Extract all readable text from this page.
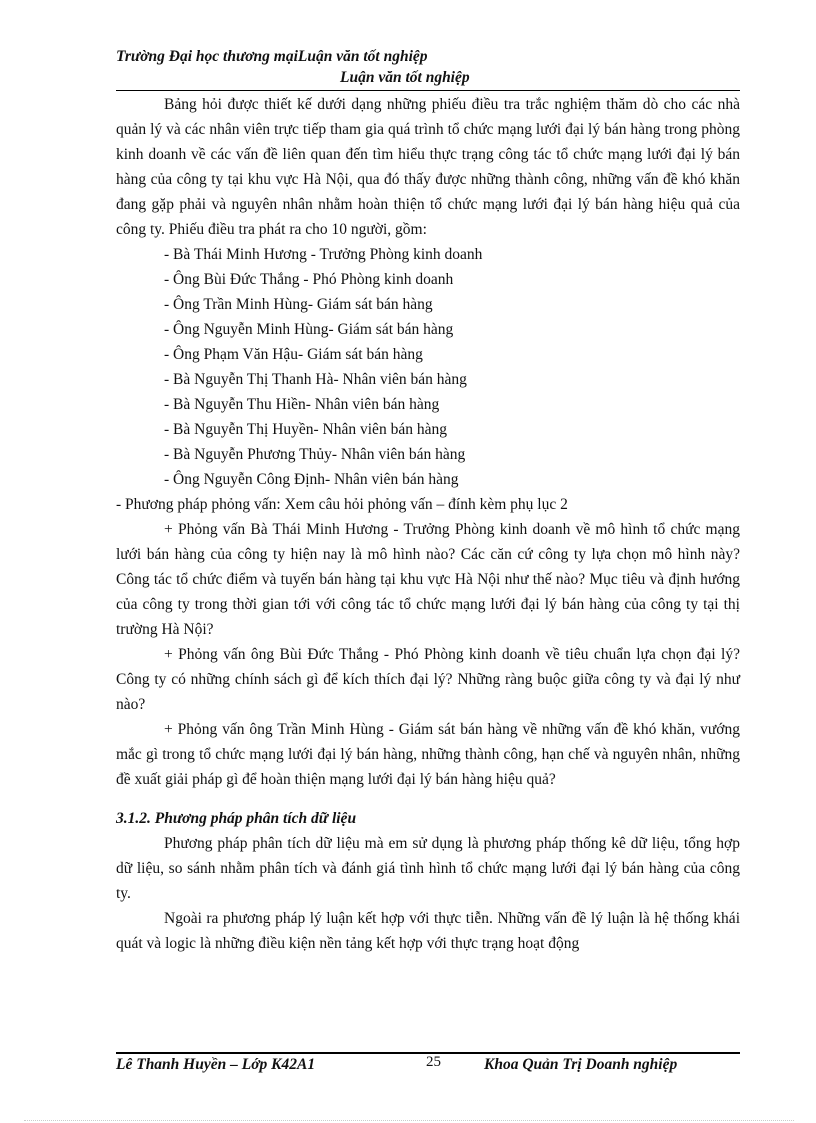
Trường Đại học thương mạiLuận văn tốt nghiệp
Luận văn tốt nghiệp

Bảng hỏi được thiết kế dưới dạng những phiếu điều tra trắc nghiệm thăm dò cho các nhà quản lý và các nhân viên trực tiếp tham gia quá trình tổ chức mạng lưới đại lý bán hàng trong phòng kinh doanh về các vấn đề liên quan đến tìm hiểu thực trạng công tác tổ chức mạng lưới đại lý bán hàng của công ty tại khu vực Hà Nội, qua đó thấy được những thành công, những vấn đề khó khăn đang gặp phải và nguyên nhân nhằm hoàn thiện tổ chức mạng lưới đại lý bán hàng hiệu quả của công ty. Phiếu điều tra phát ra cho 10 người, gồm:

- Bà Thái Minh Hương - Trưởng Phòng kinh doanh
- Ông Bùi Đức Thắng - Phó Phòng kinh doanh
- Ông Trần Minh Hùng- Giám sát bán hàng
- Ông Nguyễn Minh Hùng- Giám sát bán hàng
- Ông Phạm Văn Hậu- Giám sát bán hàng
- Bà Nguyễn Thị Thanh Hà- Nhân viên bán hàng
- Bà Nguyễn Thu Hiền- Nhân viên bán hàng
- Bà Nguyễn Thị Huyền- Nhân viên bán hàng
- Bà Nguyễn Phương Thủy- Nhân viên bán hàng
- Ông Nguyễn Công Định- Nhân viên bán hàng

- Phương pháp phỏng vấn: Xem câu hỏi phỏng vấn – đính kèm phụ lục 2

+ Phỏng vấn Bà Thái Minh Hương - Trưởng Phòng kinh doanh về mô hình tổ chức mạng lưới bán hàng của công ty hiện nay là mô hình nào? Các căn cứ công ty lựa chọn mô hình này? Công tác tổ chức điểm và tuyến bán hàng tại khu vực Hà Nội như thế nào? Mục tiêu và định hướng của công ty trong thời gian tới với công tác tổ chức mạng lưới đại lý bán hàng của công ty tại thị trường Hà Nội?

+ Phỏng vấn ông Bùi Đức Thắng - Phó Phòng kinh doanh về tiêu chuẩn lựa chọn đại lý? Công ty có những chính sách gì để kích thích đại lý? Những ràng buộc giữa công ty và đại lý như nào?

+ Phỏng vấn ông Trần Minh Hùng - Giám sát bán hàng về những vấn đề khó khăn, vướng mắc gì trong tổ chức mạng lưới đại lý bán hàng, những thành công, hạn chế và nguyên nhân, những đề xuất giải pháp gì để hoàn thiện mạng lưới đại lý bán hàng hiệu quả?

3.1.2. Phương pháp phân tích dữ liệu

Phương pháp phân tích dữ liệu mà em sử dụng là phương pháp thống kê dữ liệu, tổng hợp dữ liệu, so sánh nhằm phân tích và đánh giá tình hình tổ chức mạng lưới đại lý bán hàng của công ty.

Ngoài ra phương pháp lý luận kết hợp với thực tiễn. Những vấn đề lý luận là hệ thống khái quát và logic là những điều kiện nền tảng kết hợp với thực trạng hoạt động

Lê Thanh Huyền – Lớp K42A1	25	Khoa Quản Trị Doanh nghiệp
